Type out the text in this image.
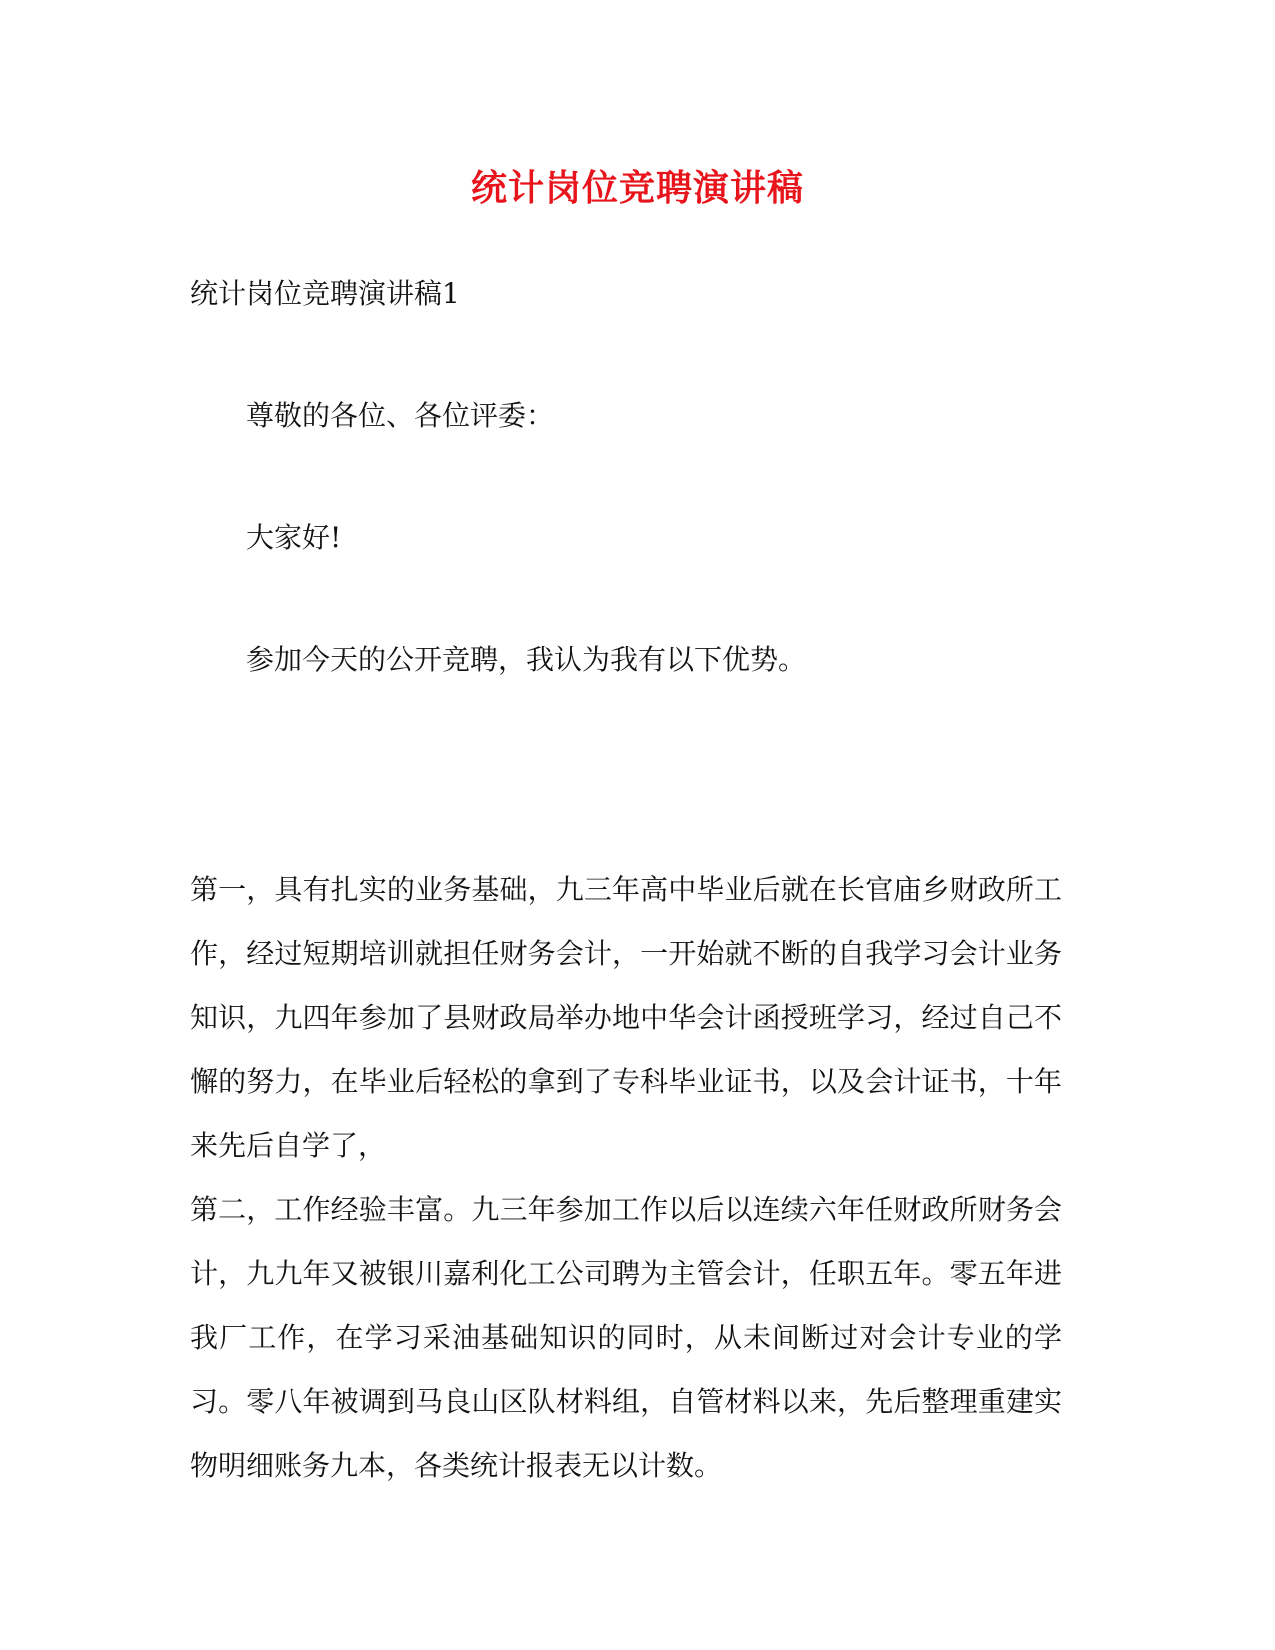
统计岗位竞聘演讲稿

统计岗位竞聘演讲稿1

尊敬的各位、各位评委：

大家好!

参加今天的公开竞聘，我认为我有以下优势。

第一，具有扎实的业务基础，九三年高中毕业后就在长官庙乡财政所工作，经过短期培训就担任财务会计，一开始就不断的自我学习会计业务知识，九四年参加了县财政局举办地中华会计函授班学习，经过自己不懈的努力，在毕业后轻松的拿到了专科毕业证书，以及会计证书，十年来先后自学了，

第二，工作经验丰富。九三年参加工作以后以连续六年任财政所财务会计，九九年又被银川嘉利化工公司聘为主管会计，任职五年。零五年进我厂工作，在学习采油基础知识的同时，从未间断过对会计专业的学习。零八年被调到马良山区队材料组，自管材料以来，先后整理重建实物明细账务九本，各类统计报表无以计数。
